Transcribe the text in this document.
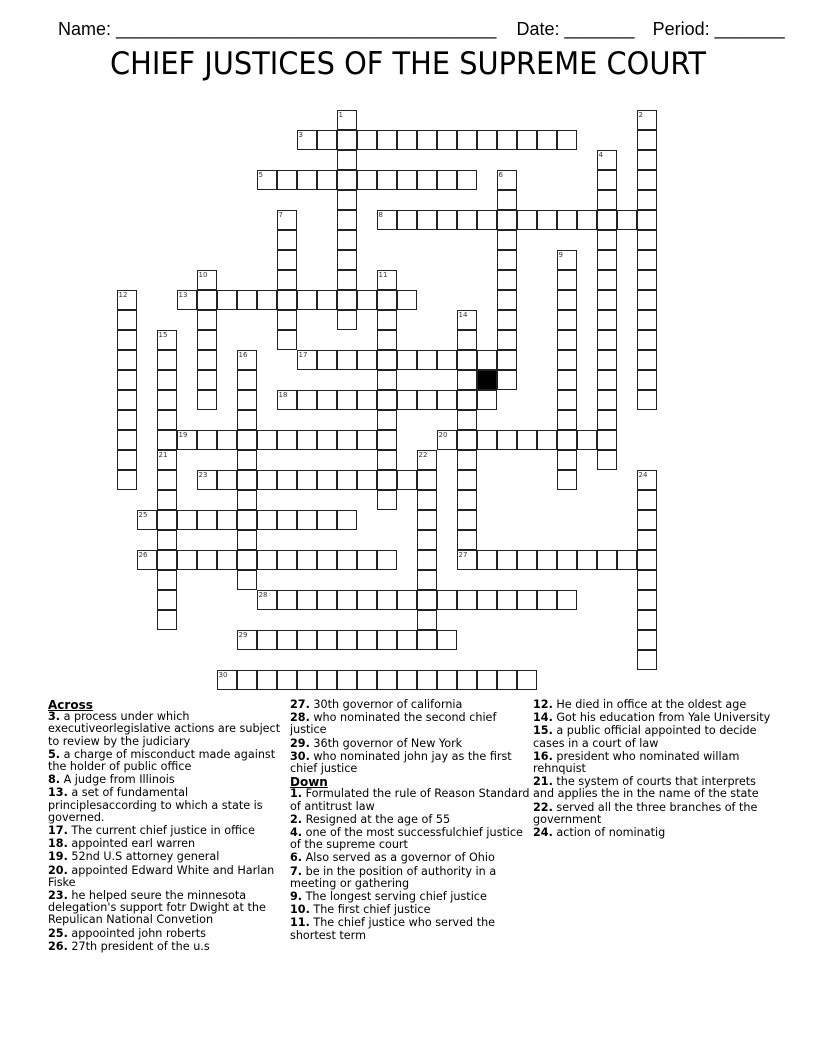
Name: ______________________________________ Date: _______ Period: _______

CHIEF JUSTICES OF THE SUPREME COURT
1	2
3
4
5	6
7	8
9
10	11
12	13
14
27
15
16	17
18
19	20
21	22
23	24
25
26
28
29
30
Across
3. a process under which executiveorlegislative actions are subject to review by the judiciary
5. a charge of misconduct made against the holder of public office
8. A judge from Illinois
13. a set of fundamental principlesaccording to which a state is governed.
17. The current chief justice in office
18. appointed earl warren
19. 52nd U.S attorney general
20. appointed Edward White and Harlan Fiske
23. he helped seure the minnesota delegation's support fotr Dwight at the Repulican National Convetion
25. appoointed john roberts
26. 27th president of the u.s
27. 30th governor of california
28. who nominated the second chief justice
29. 36th governor of New York
30. who nominated john jay as the first chief justice
Down
1. Formulated the rule of Reason Standard of antitrust law
2. Resigned at the age of 55
4. one of the most successfulchief justice of the supreme court
6. Also served as a governor of Ohio
7. be in the position of authority in a meeting or gathering
9. The longest serving chief justice
10. The first chief justice
11. The chief justice who served the shortest term
12. He died in office at the oldest age
14. Got his education from Yale University
15. a public official appointed to decide cases in a court of law
16. president who nominated willam rehnquist
21. the system of courts that interprets and applies the in the name of the state
22. served all the three branches of the government
24. action of nominatig
